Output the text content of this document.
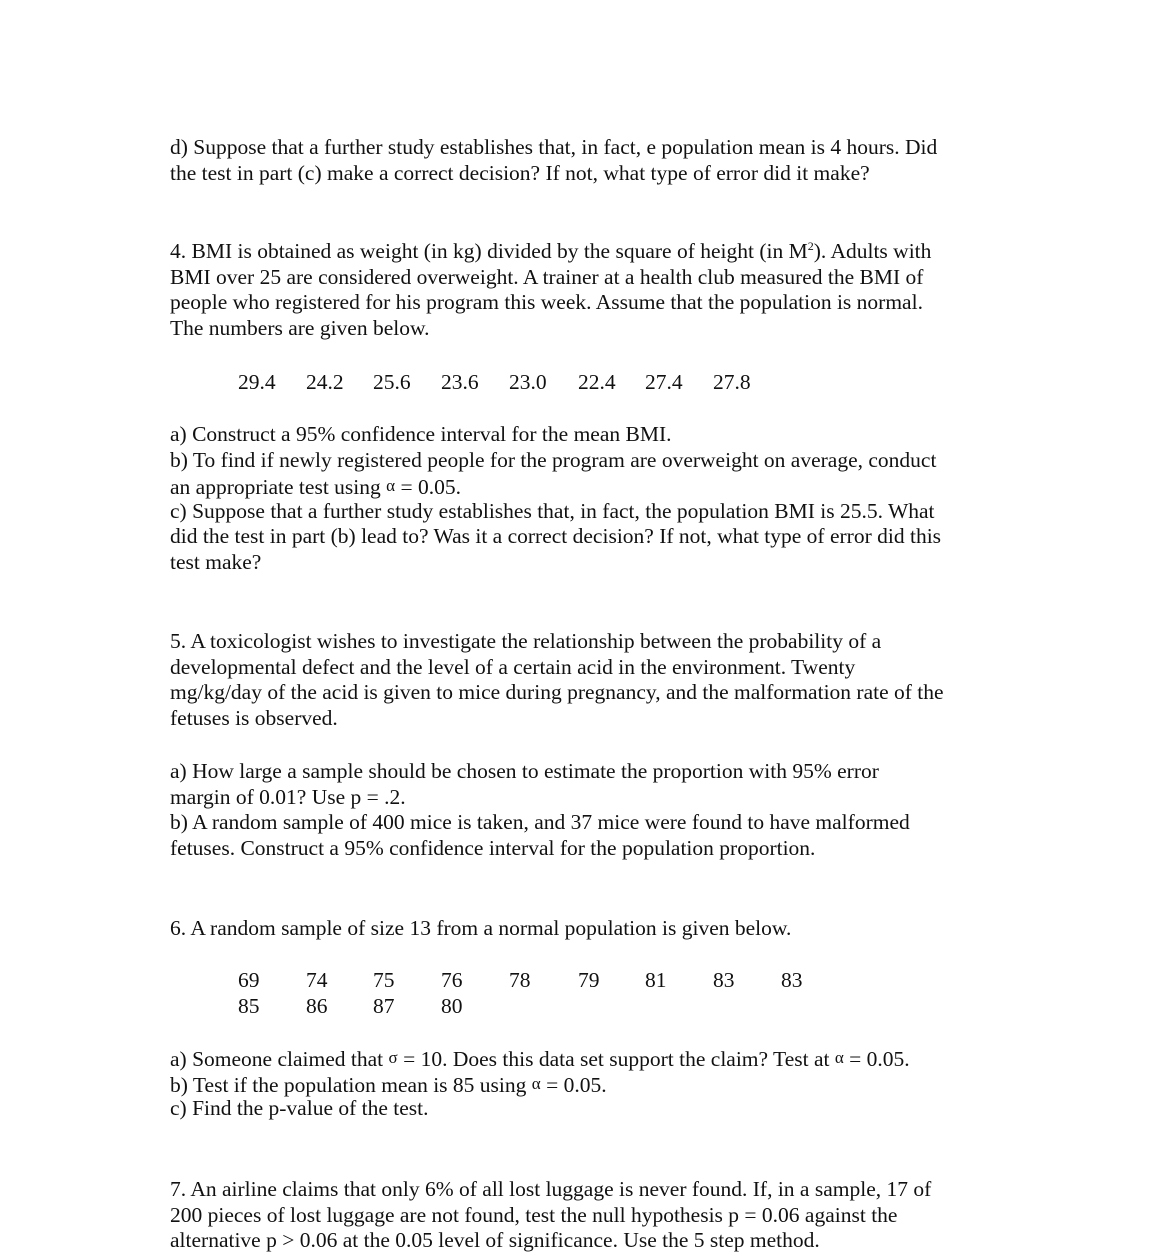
d) Suppose that a further study establishes that, in fact, e population mean is 4 hours. Did
the test in part (c) make a correct decision? If not, what type of error did it make?
4. BMI is obtained as weight (in kg) divided by the square of height (in $M^2$). Adults with
BMI over 25 are considered overweight. A trainer at a health club measured the BMI of
people who registered for his program this week. Assume that the population is normal.
The numbers are given below.
29.4 24.2 25.6 23.6 23.0 22.4 27.4 27.8
a) Construct a 95% confidence interval for the mean BMI.
b) To find if newly registered people for the program are overweight on average, conduct
an appropriate test using α = 0.05.
c) Suppose that a further study establishes that, in fact, the population BMI is 25.5. What
did the test in part (b) lead to? Was it a correct decision? If not, what type of error did this
test make?
5. A toxicologist wishes to investigate the relationship between the probability of a
developmental defect and the level of a certain acid in the environment. Twenty
mg/kg/day of the acid is given to mice during pregnancy, and the malformation rate of the
fetuses is observed.
a) How large a sample should be chosen to estimate the proportion with 95% error
margin of 0.01? Use p = .2.
b) A random sample of 400 mice is taken, and 37 mice were found to have malformed
fetuses. Construct a 95% confidence interval for the population proportion.
6. A random sample of size 13 from a normal population is given below.
69 74 75 76 78 79 81 83 83
85 86 87 80
a) Someone claimed that σ = 10. Does this data set support the claim? Test at α = 0.05.
b) Test if the population mean is 85 using α = 0.05.
c) Find the p-value of the test.
7. An airline claims that only 6% of all lost luggage is never found. If, in a sample, 17 of
200 pieces of lost luggage are not found, test the null hypothesis p = 0.06 against the
alternative p > 0.06 at the 0.05 level of significance. Use the 5 step method.
